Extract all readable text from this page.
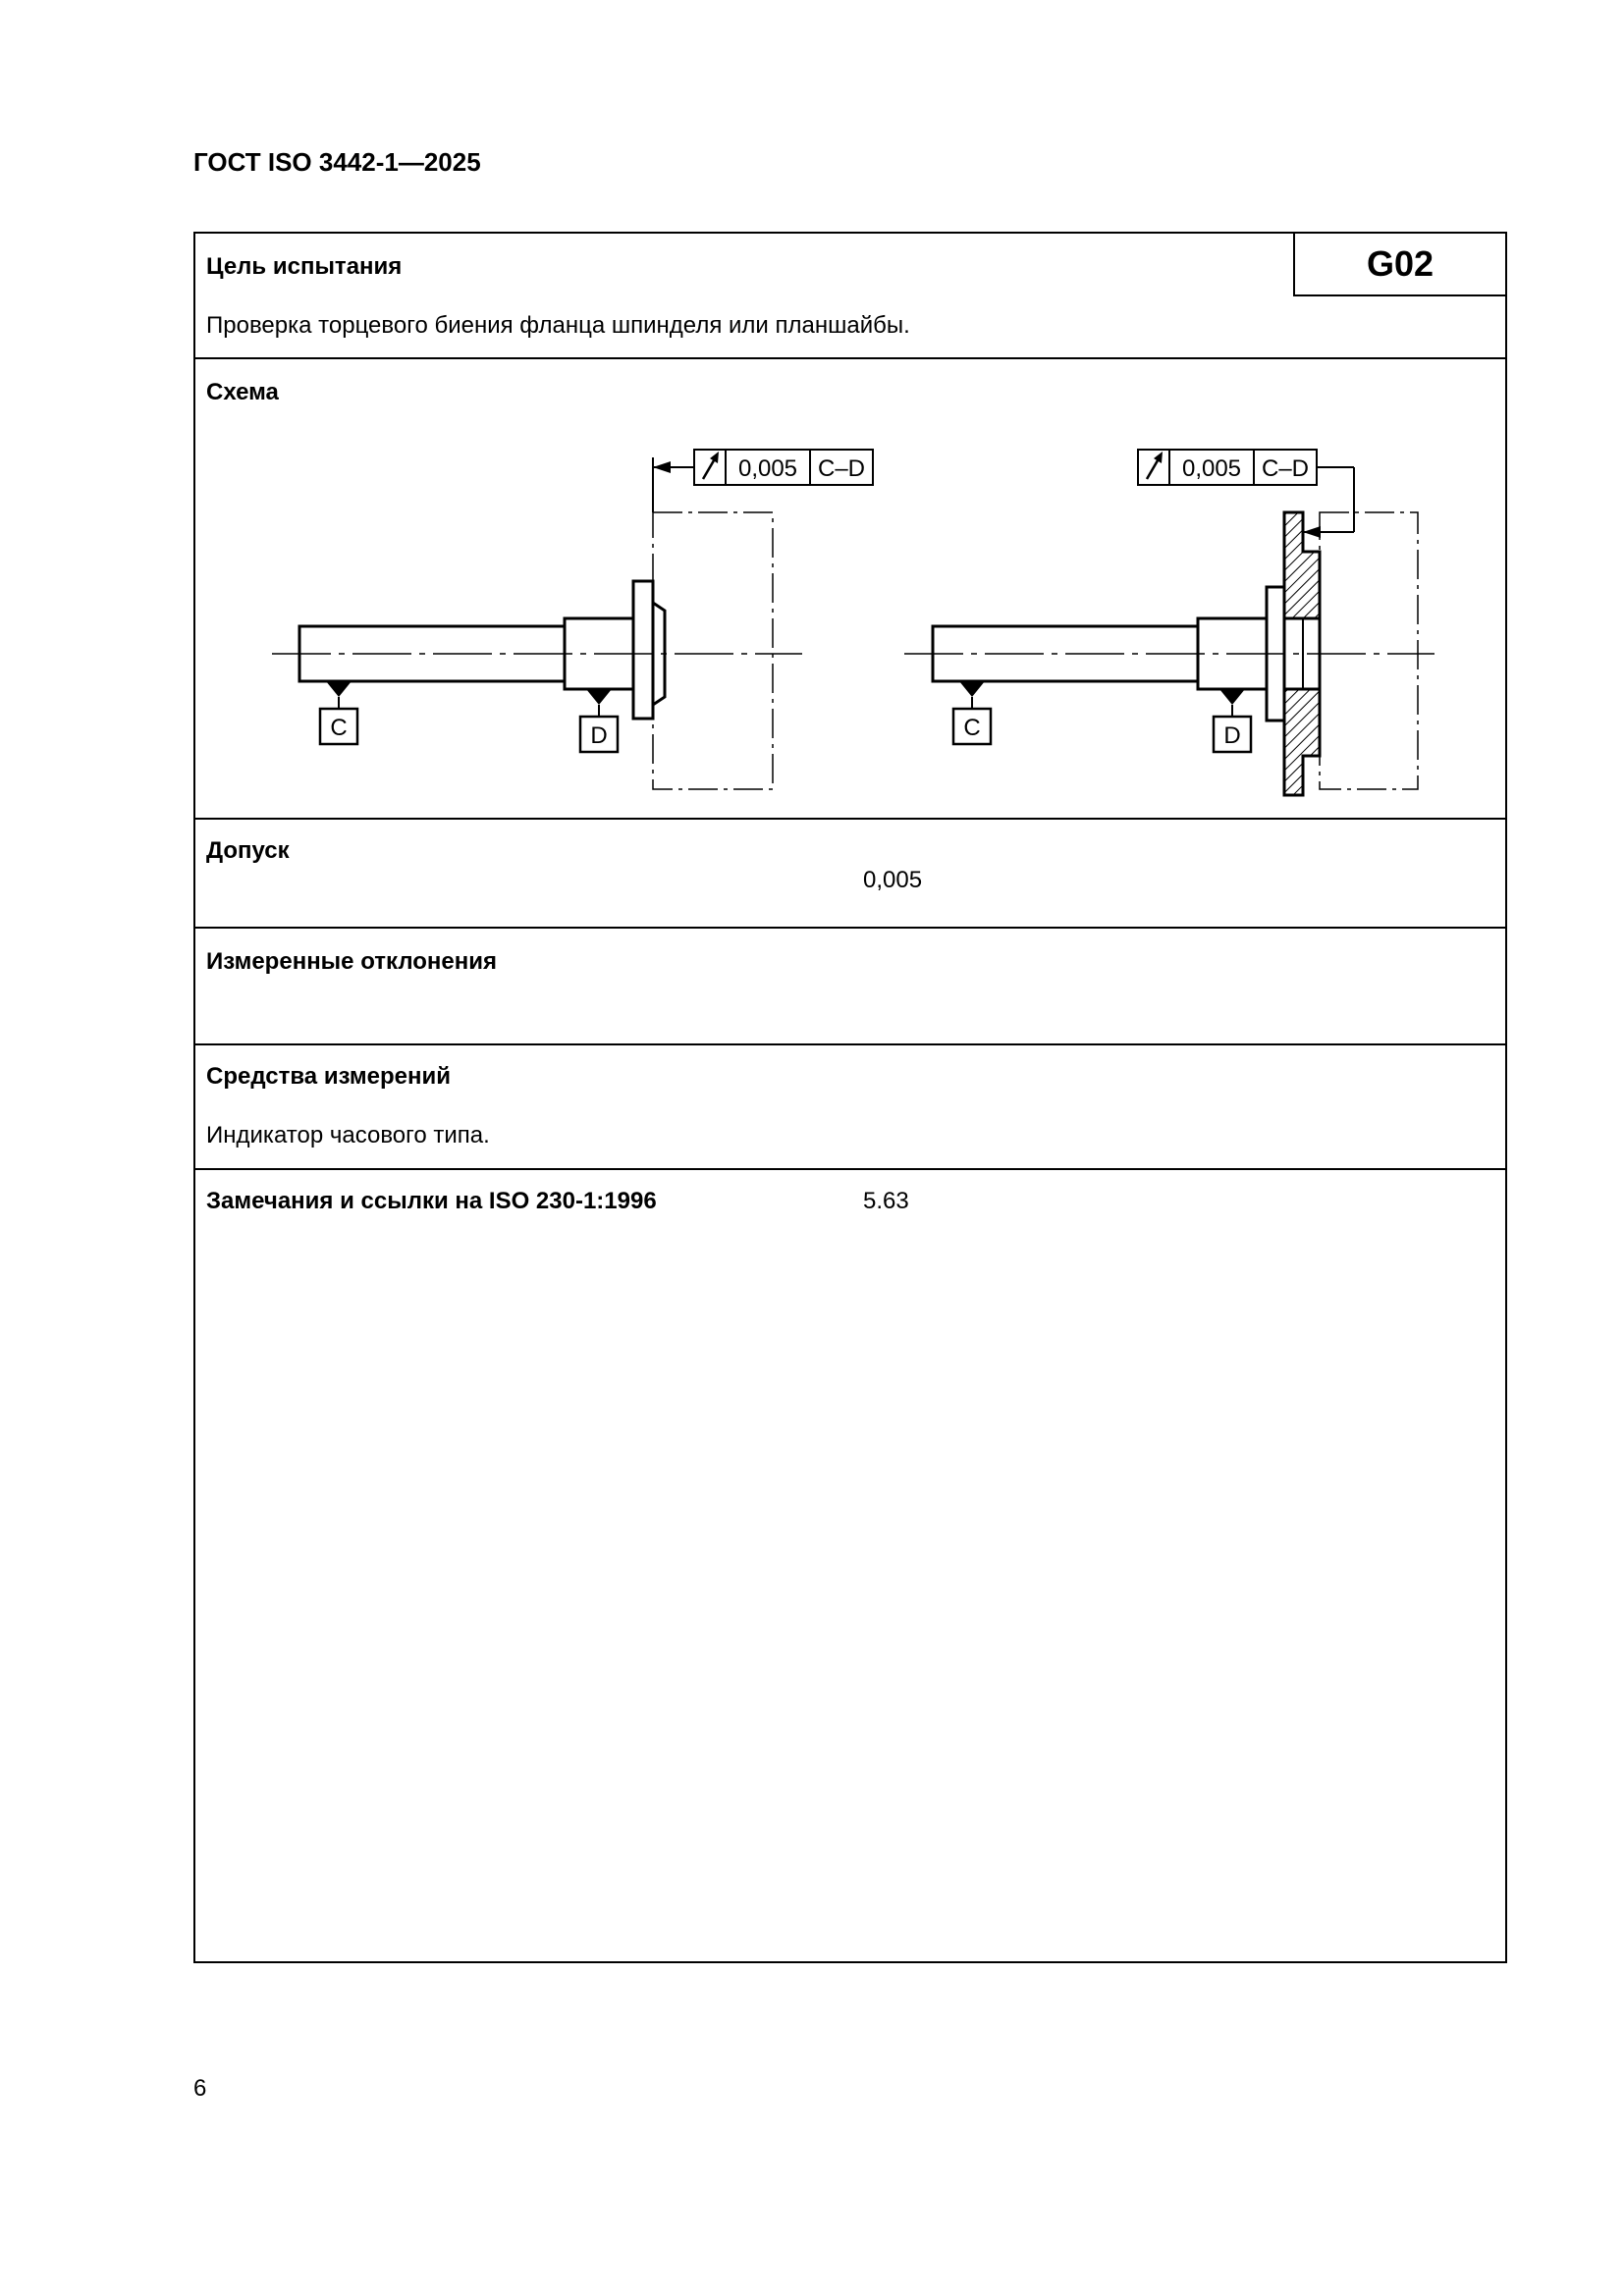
ГОСТ ISO 3442-1—2025
Цель испытания	G02
Проверка торцевого биения фланца шпинделя или планшайбы.
Схема
0,005 C–D
C	D
0,005 C–D
C	D
Допуск
0,005
Измеренные отклонения
Средства измерений
Индикатор часового типа.
Замечания и ссылки на ISO 230-1:1996	5.63
6
